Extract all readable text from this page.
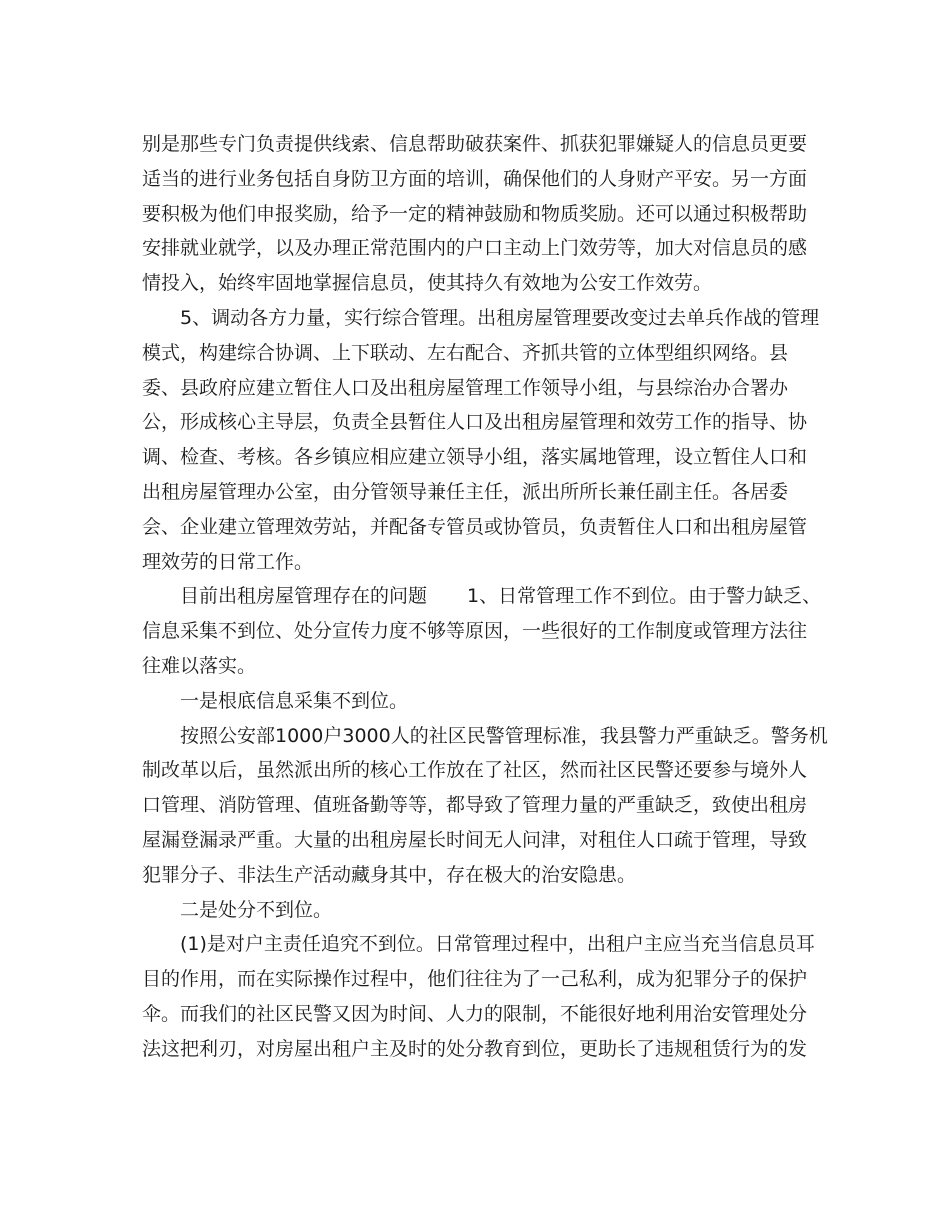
别是那些专门负责提供线索、信息帮助破获案件、抓获犯罪嫌疑人的信息员更要
适当的进行业务包括自身防卫方面的培训，确保他们的人身财产平安。另一方面
要积极为他们申报奖励，给予一定的精神鼓励和物质奖励。还可以通过积极帮助
安排就业就学，以及办理正常范围内的户口主动上门效劳等，加大对信息员的感
情投入，始终牢固地掌握信息员，使其持久有效地为公安工作效劳。
5、调动各方力量，实行综合管理。出租房屋管理要改变过去单兵作战的管理
模式，构建综合协调、上下联动、左右配合、齐抓共管的立体型组织网络。县
委、县政府应建立暂住人口及出租房屋管理工作领导小组，与县综治办合署办
公，形成核心主导层，负责全县暂住人口及出租房屋管理和效劳工作的指导、协
调、检查、考核。各乡镇应相应建立领导小组，落实属地管理，设立暂住人口和
出租房屋管理办公室，由分管领导兼任主任，派出所所长兼任副主任。各居委
会、企业建立管理效劳站，并配备专管员或协管员，负责暂住人口和出租房屋管
理效劳的日常工作。
目前出租房屋管理存在的问题 1、日常管理工作不到位。由于警力缺乏、
信息采集不到位、处分宣传力度不够等原因，一些很好的工作制度或管理方法往
往难以落实。
一是根底信息采集不到位。
按照公安部1000户3000人的社区民警管理标准，我县警力严重缺乏。警务机
制改革以后，虽然派出所的核心工作放在了社区，然而社区民警还要参与境外人
口管理、消防管理、值班备勤等等，都导致了管理力量的严重缺乏，致使出租房
屋漏登漏录严重。大量的出租房屋长时间无人问津，对租住人口疏于管理，导致
犯罪分子、非法生产活动藏身其中，存在极大的治安隐患。
二是处分不到位。
(1)是对户主责任追究不到位。日常管理过程中，出租户主应当充当信息员耳
目的作用，而在实际操作过程中，他们往往为了一己私利，成为犯罪分子的保护
伞。而我们的社区民警又因为时间、人力的限制，不能很好地利用治安管理处分
法这把利刃，对房屋出租户主及时的处分教育到位，更助长了违规租赁行为的发
